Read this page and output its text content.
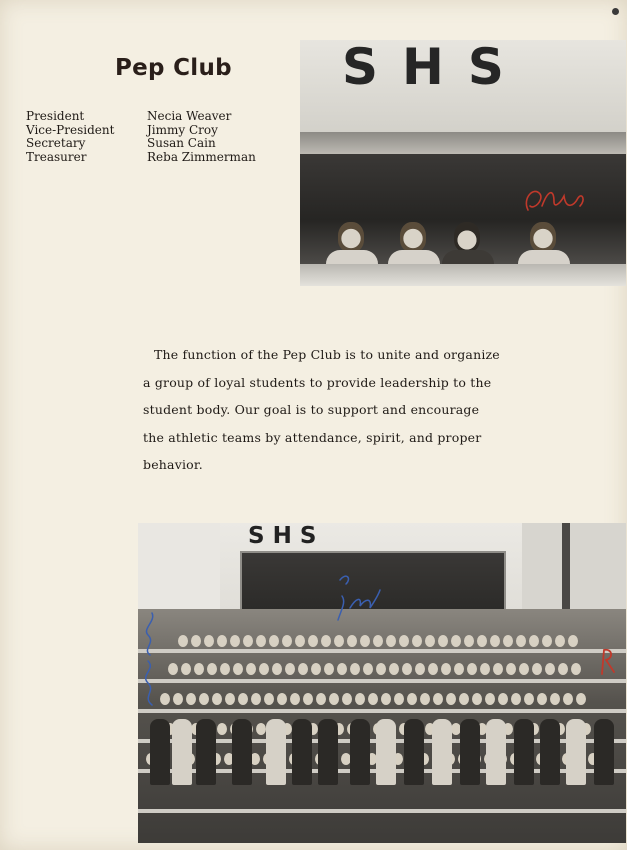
Pep Club
President	Necia Weaver
Vice-President	Jimmy Croy
Secretary	Susan Cain
Treasurer	Reba Zimmerman
SHS

The function of the Pep Club is to unite and organize

a group of loyal students to provide leadership to the
student body. Our goal is to support and encourage
the athletic teams by attendance, spirit, and proper
behavior.
SHS
